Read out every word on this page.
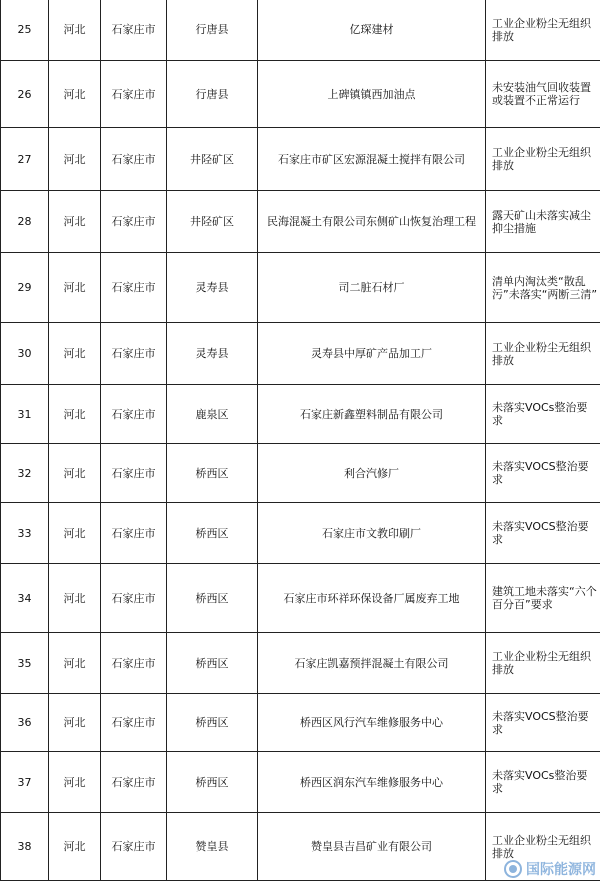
25	河北	石家庄市	行唐县	亿琛建材	工业企业粉尘无组织排放	
26	河北	石家庄市	行唐县	上碑镇镇西加油点	未安装油气回收装置或装置不正常运行	
27	河北	石家庄市	井陉矿区	石家庄市矿区宏源混凝土搅拌有限公司	工业企业粉尘无组织排放	
28	河北	石家庄市	井陉矿区	民海混凝土有限公司东侧矿山恢复治理工程	露天矿山未落实减尘抑尘措施	
29	河北	石家庄市	灵寿县	司二脏石材厂	清单内淘汰类“散乱污”未落实“两断三清”	
30	河北	石家庄市	灵寿县	灵寿县中厚矿产品加工厂	工业企业粉尘无组织排放	
31	河北	石家庄市	鹿泉区	石家庄新鑫塑料制品有限公司	未落实VOCs整治要求	
32	河北	石家庄市	桥西区	利合汽修厂	未落实VOCS整治要求	
33	河北	石家庄市	桥西区	石家庄市文教印刷厂	未落实VOCS整治要求	
34	河北	石家庄市	桥西区	石家庄市环祥环保设备厂属废弃工地	建筑工地未落实“六个百分百”要求	
35	河北	石家庄市	桥西区	石家庄凯嘉预拌混凝土有限公司	工业企业粉尘无组织排放	
36	河北	石家庄市	桥西区	桥西区风行汽车维修服务中心	未落实VOCS整治要求	
37	河北	石家庄市	桥西区	桥西区润东汽车维修服务中心	未落实VOCs整治要求	
38	河北	石家庄市	赞皇县	赞皇县吉昌矿业有限公司	工业企业粉尘无组织排放	
国际能源网
